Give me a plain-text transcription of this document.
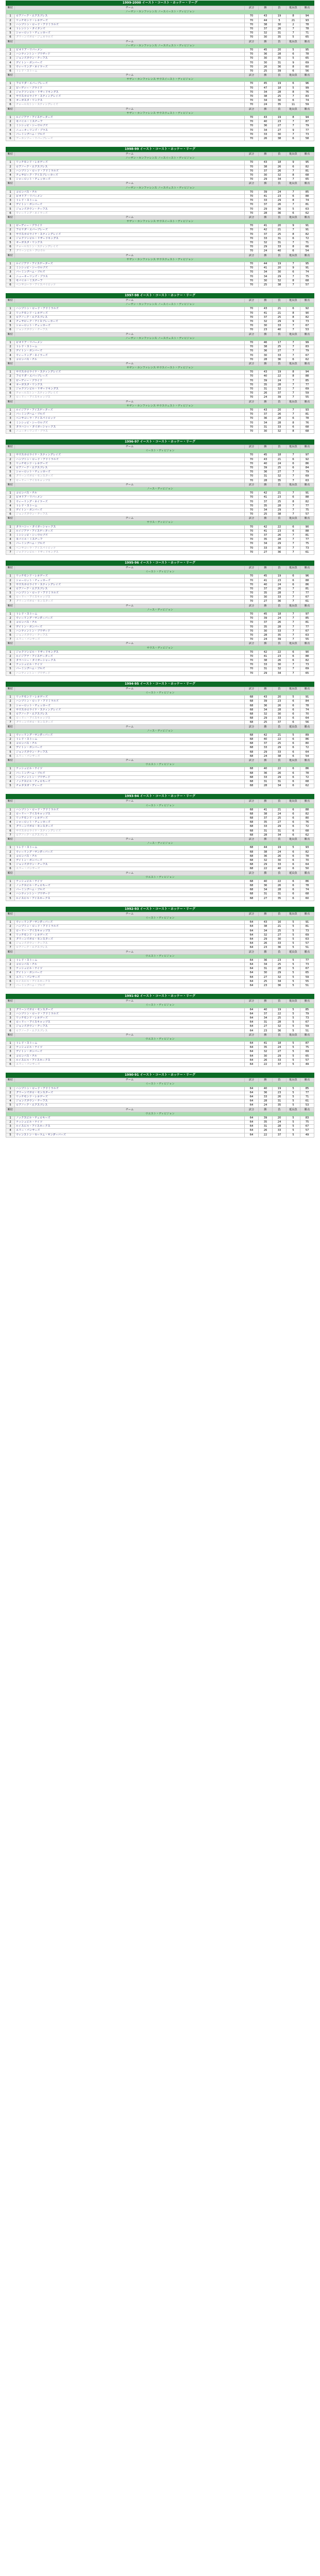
1999-2000 イースト・コースト・ホッケー・リーグ
順位	チーム	試合	勝	負	延長負	勝点
ノーザン・カンファレンス ノースイースト・ディビジョン						
1	ロアノーク・エクスプレス	70	43	19	8	94
2	リッチモンド・レネゲーズ	70	44	5	21	93
3	ハンプトン・ロード・アドミラルズ	70	38	30	2	78
4	トレントン・タイタンズ	70	37	26	7	78
5	シャーロット・チェッカーズ	70	32	31	7	71
6	グリーンズボロ・ジェネラルズ	70	30	35	5	65
順位	チーム	試合	勝	負	延長負	勝点
ノーザン・カンファレンス ノースウェスト・ディビジョン						
1	ピオリア・リバーメン	70	45	20	5	95
2	ハンティントン・ブリザード	70	36	28	6	78
3	ジョンズタウン・チーフス	70	30	35	5	65
4	デイトン・ボンバーズ	70	30	31	9	69
5	ウィーリング・ネイラーズ	70	26	36	8	60
6	トレド・ストーム	70	25	39	6	56
順位	チーム	試合	勝	負	延長負	勝点
サザン・カンファレンス サウスイースト・ディビジョン						
1	フロリダ・エバーブレーズ	70	45	19	6	96
2	ピーディー・プライド	70	47	18	5	99
3	ジャクソンビル・リザードキングス	70	34	28	8	76
4	サウスカロライナ・スティングレイズ	70	38	25	7	83
5	オーガスタ・リンクス	70	34	30	6	74
6	チャールストン・スティングレイズ	70	24	35	11	59
順位	チーム	試合	勝	負	延長負	勝点
サザン・カンファレンス サウスウェスト・ディビジョン						
1	ルイジアナ・アイスゲーターズ	70	43	19	8	94
2	モバイル・ミスチーフ	70	40	23	7	87
3	ミシシッピ・シーウルブズ	70	36	27	7	79
4	ニューオーリンズ・ブラス	70	34	27	9	77
5	バーミングハム・ブルズ	70	33	30	7	73
6	アーカンソー・リバーブレーズ	70	26	38	6	58
1998-99 イースト・コースト・ホッケー・リーグ
順位	チーム	試合	勝	負	延長負	勝点
ノーザン・カンファレンス ノースイースト・ディビジョン						
1	リッチモンド・レネゲーズ	70	43	18	9	95
2	ロアノーク・エクスプレス	70	38	26	6	82
3	ハンプトン・ロード・アドミラルズ	70	37	26	7	81
4	チェサピーク・アイスブレーカーズ	70	30	32	8	68
5	シャーロット・チェッカーズ	70	29	34	7	65
順位	チーム	試合	勝	負	延長負	勝点
ノーザン・カンファレンス ノースウェスト・ディビジョン						
1	コロンバス・チル	70	39	24	7	85
2	ピオリア・リバーメン	70	41	23	6	88
3	トレド・ストーム	70	33	29	8	74
4	デイトン・ボンバーズ	70	37	26	7	81
5	ジョンズタウン・チーフス	70	29	36	5	63
6	ウィーリング・ネイラーズ	70	28	36	6	62
順位	チーム	試合	勝	負	延長負	勝点
サザン・カンファレンス サウスイースト・ディビジョン						
1	ピーディー・プライド	70	41	20	9	91
2	フロリダ・エバーブレーズ	70	42	21	7	91
3	サウスカロライナ・スティングレイズ	70	37	25	8	82
4	ジャクソンビル・リザードキングス	70	33	31	6	72
5	オーガスタ・リンクス	70	32	31	7	71
6	チャールストン・スティングレイズ	70	29	33	8	66
7	グリーンビル・グロウル	70	24	40	6	54
順位	チーム	試合	勝	負	延長負	勝点
サザン・カンファレンス サウスウェスト・ディビジョン						
1	ルイジアナ・アイスゲーターズ	70	44	19	7	95
2	ミシシッピ・シーウルブズ	70	41	20	9	91
3	バーミングハム・ブルズ	70	34	30	6	74
4	ニューオーリンズ・ブラス	70	34	29	7	75
5	モバイル・ミスチーフ	70	30	32	8	68
6	ペンサコーラ・アイスパイロッツ	70	25	38	7	57
1997-98 イースト・コースト・ホッケー・リーグ
順位	チーム	試合	勝	負	延長負	勝点
ノーザン・カンファレンス ノースイースト・ディビジョン						
1	ハンプトン・ロード・アドミラルズ	70	43	21	6	92
2	リッチモンド・レネゲーズ	70	41	21	8	90
3	ロアノーク・エクスプレス	70	37	25	8	82
4	チェサピーク・アイスブレーカーズ	70	32	29	9	73
5	シャーロット・チェッカーズ	70	30	33	7	67
6	ジョンズタウン・チーフス	70	23	40	7	53
順位	チーム	試合	勝	負	延長負	勝点
ノーザン・カンファレンス ノースウェスト・ディビジョン						
1	ピオリア・リバーメン	70	46	17	7	99
2	トレド・ストーム	70	38	25	7	83
3	デイトン・ボンバーズ	70	36	27	7	79
4	ウィーリング・ネイラーズ	70	30	33	7	67
5	コロンバス・チル	70	28	36	6	62
順位	チーム	試合	勝	負	延長負	勝点
サザン・カンファレンス サウスイースト・ディビジョン						
1	サウスカロライナ・スティングレイズ	70	43	19	8	94
2	フロリダ・エバーブレーズ	70	40	22	8	88
3	ピーディー・プライド	70	39	24	7	85
4	オーガスタ・リンクス	70	35	28	7	77
5	ジャクソンビル・リザードキングス	70	31	32	7	69
6	チャールストン・スティングレイズ	70	26	37	7	59
7	ローリー・アイスキャップス	70	24	39	7	55
順位	チーム	試合	勝	負	延長負	勝点
サザン・カンファレンス サウスウェスト・ディビジョン						
1	ルイジアナ・アイスゲーターズ	70	43	20	7	93
2	バーミングハム・ブルズ	70	37	26	7	81
3	ペンサコーラ・アイスパイロッツ	70	36	28	6	78
4	ミシシッピ・シーウルブズ	70	34	28	8	76
5	タラハシー・タイガーシャークス	70	31	33	6	68
6	ニューオーリンズ・ブラス	70	30	32	8	68
1996-97 イースト・コースト・ホッケー・リーグ
順位	チーム	試合	勝	負	延長負	勝点
イースト・ディビジョン						
1	サウスカロライナ・スティングレイズ	70	45	18	7	97
2	ハンプトン・ロード・アドミラルズ	70	43	21	6	92
3	リッチモンド・レネゲーズ	70	40	24	6	86
4	ロアノーク・エクスプレス	70	39	25	6	84
5	シャーロット・チェッカーズ	70	36	27	7	79
6	グリーンズボロ・モンスターズ	70	31	32	7	69
7	ローリー・アイスキャップス	70	28	35	7	63
順位	チーム	試合	勝	負	延長負	勝点
ノース・ディビジョン						
1	コロンバス・チル	70	42	21	7	91
2	ピオリア・リバーメン	70	41	23	6	88
3	ウィーリング・ネイラーズ	70	37	25	8	82
4	トレド・ストーム	70	35	28	7	77
5	デイトン・ボンバーズ	70	34	29	7	75
6	ジョンズタウン・チーフス	70	25	38	7	57
順位	チーム	試合	勝	負	延長負	勝点
サウス・ディビジョン						
1	タラハシー・タイガーシャークス	70	42	22	6	90
2	ルイジアナ・アイスゲーターズ	70	41	23	6	88
3	ミシシッピ・シーウルブズ	70	37	26	7	81
4	モバイル・ミスチーフ	70	35	28	7	77
5	バーミングハム・ブルズ	70	34	29	7	75
6	ペンサコーラ・アイスパイロッツ	70	33	30	7	73
7	ジャクソンビル・リザードキングス	70	27	36	7	61
1995-96 イースト・コースト・ホッケー・リーグ
順位	チーム	試合	勝	負	延長負	勝点
イースト・ディビジョン						
1	リッチモンド・レネゲーズ	70	45	19	6	96
2	シャーロット・チェッカーズ	70	41	23	6	88
3	サウスカロライナ・スティングレイズ	70	40	24	6	86
4	ロアノーク・エクスプレス	70	37	26	7	81
5	ハンプトン・ロード・アドミラルズ	70	35	28	7	77
6	ローリー・アイスキャップス	70	30	33	7	67
7	グリーンズボロ・モンスターズ	70	27	36	7	61
順位	チーム	試合	勝	負	延長負	勝点
ノース・ディビジョン						
1	トレド・ストーム	70	45	18	7	97
2	ウィーリング・サンダーバーズ	70	39	24	7	85
3	コロンバス・チル	70	37	26	7	81
4	デイトン・ボンバーズ	70	35	28	7	77
5	ハンティントン・ブリザード	70	30	33	7	67
6	ジョンズタウン・チーフス	70	28	35	7	63
7	エリー・パンサーズ	70	24	39	7	55
順位	チーム	試合	勝	負	延長負	勝点
サウス・ディビジョン						
1	ジャクソンビル・リザードキングス	70	42	22	6	90
2	ルイジアナ・アイスゲーターズ	70	41	23	6	88
3	タラハシー・タイガーシャークス	70	38	26	6	82
4	ナッシュビル・ナイツ	70	33	30	7	73
5	バーミングハム・ブルズ	70	31	32	7	69
6	ハンティントン・ブリザード	70	29	34	7	65
1994-95 イースト・コースト・ホッケー・リーグ
順位	チーム	試合	勝	負	延長負	勝点
イースト・ディビジョン						
1	リッチモンド・レネゲーズ	68	43	20	5	91
2	ハンプトン・ロード・アドミラルズ	68	39	23	6	84
3	シャーロット・チェッカーズ	68	36	26	6	78
4	サウスカロライナ・スティングレイズ	68	34	28	6	74
5	ロアノーク・エクスプレス	68	32	30	6	70
6	ローリー・アイスキャップス	68	29	33	6	64
7	グリーンズボロ・モンスターズ	68	25	37	6	56
順位	チーム	試合	勝	負	延長負	勝点
ノース・ディビジョン						
1	ウィーリング・サンダーバーズ	68	42	21	5	89
2	トレド・ストーム	68	40	22	6	86
3	コロンバス・チル	68	37	25	6	80
4	デイトン・ボンバーズ	68	33	29	6	72
5	ジョンズタウン・チーフス	68	29	33	6	64
6	エリー・パンサーズ	68	24	38	6	54
順位	チーム	試合	勝	負	延長負	勝点
ウエスト・ディビジョン						
1	ナッシュビル・ナイツ	68	40	22	6	86
2	バーミングハム・ブルズ	68	36	26	6	78
3	ハンティントン・ブリザード	68	33	29	6	72
4	ノックスビル・チェロキーズ	68	31	31	6	68
5	チャタヌガ・ディーズ	68	28	34	6	62
1993-94 イースト・コースト・ホッケー・リーグ
順位	チーム	試合	勝	負	延長負	勝点
イースト・ディビジョン						
1	ハンプトン・ロード・アドミラルズ	68	41	21	6	88
2	ローリー・アイスキャップス	68	38	24	6	82
3	リッチモンド・レネゲーズ	68	37	25	6	80
4	シャーロット・チェッカーズ	68	35	27	6	76
5	グリーンズボロ・モンスターズ	68	33	29	6	72
6	サウスカロライナ・スティングレイズ	68	31	31	6	68
7	ロアノーク・エクスプレス	68	28	34	6	62
順位	チーム	試合	勝	負	延長負	勝点
ノース・ディビジョン						
1	トレド・ストーム	68	44	19	5	93
2	ウィーリング・サンダーバーズ	68	38	24	6	82
3	コロンバス・チル	68	36	26	6	78
4	デイトン・ボンバーズ	68	32	30	6	70
5	ジョンズタウン・チーフス	68	29	33	6	64
6	エリー・パンサーズ	68	22	40	6	50
順位	チーム	試合	勝	負	延長負	勝点
ウエスト・ディビジョン						
1	ナッシュビル・ナイツ	68	40	22	6	86
2	ノックスビル・チェロキーズ	68	36	26	6	78
3	バーミングハム・ブルズ	68	34	28	6	74
4	ハンティントン・ブリザード	68	31	31	6	68
5	ルイスビル・アイスホークス	68	27	35	6	60
1992-93 イースト・コースト・ホッケー・リーグ
順位	チーム	試合	勝	負	延長負	勝点
イースト・ディビジョン						
1	ウィーリング・サンダーバーズ	64	43	16	5	91
2	ハンプトン・ロード・アドミラルズ	64	38	21	5	81
3	ローリー・アイスキャップス	64	34	25	5	73
4	リッチモンド・レネゲーズ	64	32	27	5	69
5	グリーンズボロ・モンスターズ	64	29	30	5	63
6	ジョンズタウン・チーフス	64	26	33	5	57
7	ロアノーク・エクスプレス	64	23	36	5	51
順位	チーム	試合	勝	負	延長負	勝点
ウエスト・ディビジョン						
1	トレド・ストーム	64	36	23	5	77
2	コロンバス・チル	64	34	25	5	73
3	ナッシュビル・ナイツ	64	31	28	5	67
4	デイトン・ボンバーズ	64	30	29	5	65
5	エリー・パンサーズ	64	27	32	5	59
6	ルイスビル・アイスホークス	64	25	34	5	55
7	バーミングハム・ブルズ	64	23	36	5	51
1991-92 イースト・コースト・ホッケー・リーグ
順位	チーム	試合	勝	負	延長負	勝点
イースト・ディビジョン						
1	グリーンズボロ・モンスターズ	64	40	19	5	85
2	ハンプトン・ロード・アドミラルズ	64	37	22	5	79
3	リッチモンド・レネゲーズ	64	34	25	5	73
4	ローリー・アイスキャップス	64	31	28	5	67
5	ジョンズタウン・チーフス	64	27	32	5	59
6	ロアノーク・エクスプレス	64	23	36	5	51
順位	チーム	試合	勝	負	延長負	勝点
ウエスト・ディビジョン						
1	トレド・ストーム	64	41	18	5	87
2	ナッシュビル・ナイツ	64	35	24	5	75
3	デイトン・ボンバーズ	64	32	27	5	69
4	コロンバス・チル	64	30	29	5	65
5	ルイスビル・アイスホークス	64	26	33	5	57
6	エリー・パンサーズ	64	22	37	5	49
1990-91 イースト・コースト・ホッケー・リーグ
順位	チーム	試合	勝	負	延長負	勝点
イースト・ディビジョン						
1	ハンプトン・ロード・アドミラルズ	64	40	19	5	85
2	グリーンズボロ・モンスターズ	64	36	23	5	77
3	リッチモンド・レネゲーズ	64	33	26	5	71
4	ジョンズタウン・チーフス	64	28	31	5	61
5	ロアノーク・エクスプレス	64	24	35	5	53
順位	チーム	試合	勝	負	延長負	勝点
ウエスト・ディビジョン						
1	ノックスビル・チェロキーズ	64	39	20	5	83
2	ナッシュビル・ナイツ	64	35	24	5	75
3	ルイスビル・アイスホークス	64	31	28	5	67
4	エリー・パンサーズ	64	26	33	5	57
5	ウィンストン・セーラム・サンダーバーズ	64	22	37	5	49
